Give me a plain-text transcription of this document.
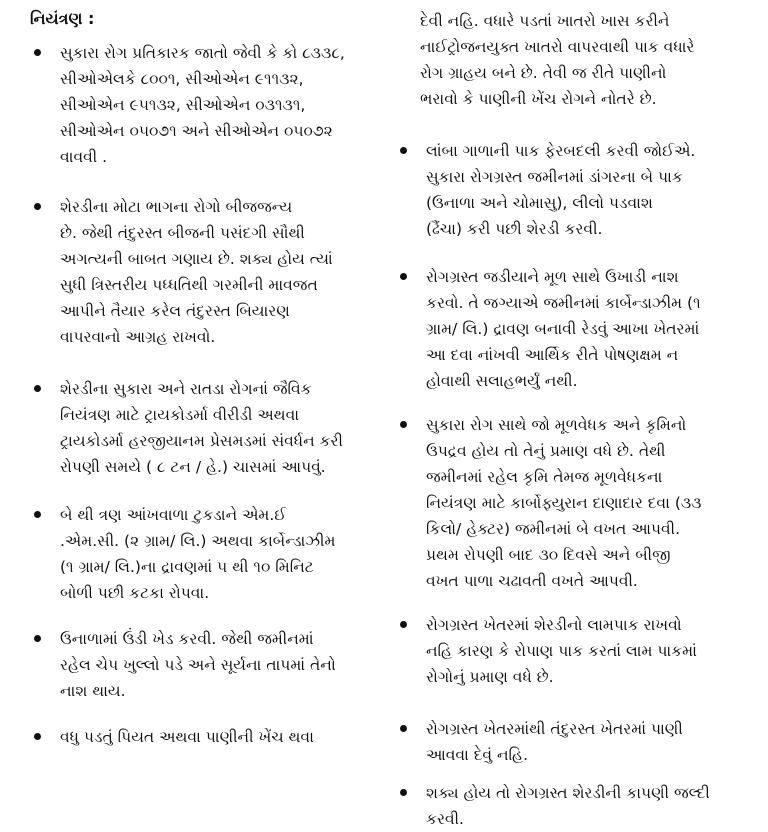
નિયંત્રણ :
સુકારા રોગ પ્રતિકારક જાતો જેવી કે કો ૮૩૩૮,
સીઓએલકે ૮૦૦૧, સીઓએન ૯૧૧૩૨,
સીઓએન ૯૫૧૩૨, સીઓએન ૦૩૧૩૧,
સીઓએન ૦૫૦૭૧ અને સીઓએન ૦૫૦૭૨
વાવવી .
શેરડીના મોટા ભાગના રોગો બીજજન્ય
છે. જેથી તંદુરસ્ત બીજની પસંદગી સૌથી
અગત્યની બાબત ગણાય છે. શક્ય હોય ત્યાં
સુધી ત્રિસ્તરીય પધ્ધતિથી ગરમીની માવજત
આપીને તૈયાર કરેલ તંદુરસ્ત બિયારણ
વાપરવાનો આગ્રહ રાખવો.
શેરડીના સુકારા અને રાતડા રોગનાં જૈવિક
નિયંત્રણ માટે ટ્રાયકોડર્મા વીરીડી અથવા
ટ્રાયકોડર્મા હરજીયાનમ પ્રેસમડમાં સંવર્ધન કરી
રોપણી સમયે ( ૮ ટન / હે.) ચાસમાં આપવું.
બે થી ત્રણ આંખવાળા ટુકડાને એમ.ઈ
.એમ.સી. (૨ ગ્રામ/ લિ.) અથવા કાર્બેન્ડાઝીમ
(૧ ગ્રામ/ લિ.)ના દ્રાવણમાં ૫ થી ૧૦ મિનિટ
બોળી પછી કટકા રોપવા.
ઉનાળામાં ઉંડી ખેડ કરવી. જેથી જમીનમાં
રહેલ ચેપ ખુલ્લો પડે અને સૂર્યના તાપમાં તેનો
નાશ થાય.
વધુ પડતું પિયત અથવા પાણીની ખેંચ થવા
દેવી નહિ. વધારે પડતાં ખાતરો ખાસ કરીને
નાઈટ્રોજનયુક્ત ખાતરો વાપરવાથી પાક વધારે
રોગ ગ્રાહય બને છે. તેવી જ રીતે પાણીનો
ભરાવો કે પાણીની ખેંચ રોગને નોતરે છે.
લાંબા ગાળાની પાક ફેરબદલી કરવી જોઈએ.
સુકારા રોગગ્રસ્ત જમીનમાં ડાંગરના બે પાક
(ઉનાળા અને ચોમાસુ), લીલો પડવાશ
(ઢૈંચા) કરી પછી શેરડી કરવી.
રોગગ્રસ્ત જડીયાને મૂળ સાથે ઉખાડી નાશ
કરવો. તે જગ્યાએ જમીનમાં કાર્બેન્ડાઝીમ (૧
ગ્રામ/ લિ.) દ્રાવણ બનાવી રેડવું આખા ખેતરમાં
આ દવા નાંખવી આર્થિક રીતે પોષણક્ષમ ન
હોવાથી સલાહભર્યું નથી.
સુકારા રોગ સાથે જો મૂળવેધક અને કૃમિનો
ઉપદ્રવ હોય તો તેનું પ્રમાણ વધે છે. તેથી
જમીનમાં રહેલ કૃમિ તેમજ મૂળવેધકના
નિયંત્રણ માટે કાર્બોફ્યુરાન દાણાદાર દવા (૩૩
કિલો/ હેક્ટર) જમીનમાં બે વખત આપવી.
પ્રથમ રોપણી બાદ ૩૦ દિવસે અને બીજી
વખત પાળા ચઢાવતી વખતે આપવી.
રોગગ્રસ્ત ખેતરમાં શેરડીનો લામપાક રાખવો
નહિ કારણ કે રોપાણ પાક કરતાં લામ પાકમાં
રોગોનું પ્રમાણ વધે છે.
રોગગ્રસ્ત ખેતરમાંથી તંદુરસ્ત ખેતરમાં પાણી
આવવા દેવું નહિ.
શક્ય હોય તો રોગગ્રસ્ત શેરડીની કાપણી જલ્દી
કરવી.
